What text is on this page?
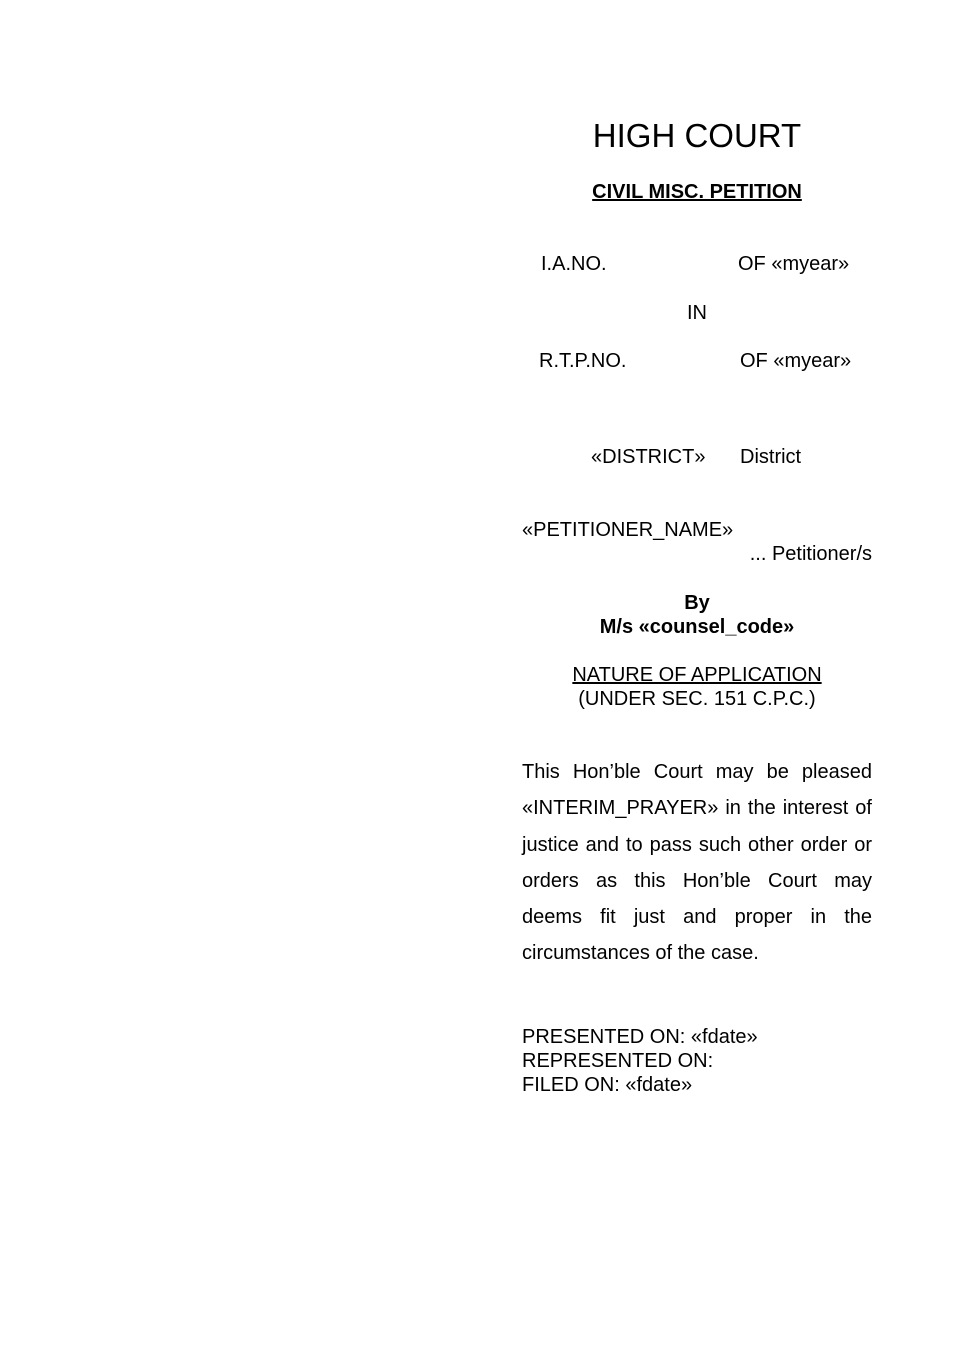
HIGH COURT
CIVIL MISC. PETITION
I.A.NO.	OF «myear»
IN
R.T.P.NO.	OF «myear»
«DISTRICT» District
«PETITIONER_NAME»
... Petitioner/s
By
M/s «counsel_code»
NATURE OF APPLICATION
(UNDER SEC. 151 C.P.C.)
This Hon’ble Court may be pleased «INTERIM_PRAYER» in the interest of justice and to pass such other order or orders as this Hon’ble Court may deems fit just and proper in the circumstances of the case.
PRESENTED ON: «fdate»
REPRESENTED ON:
FILED ON: «fdate»
